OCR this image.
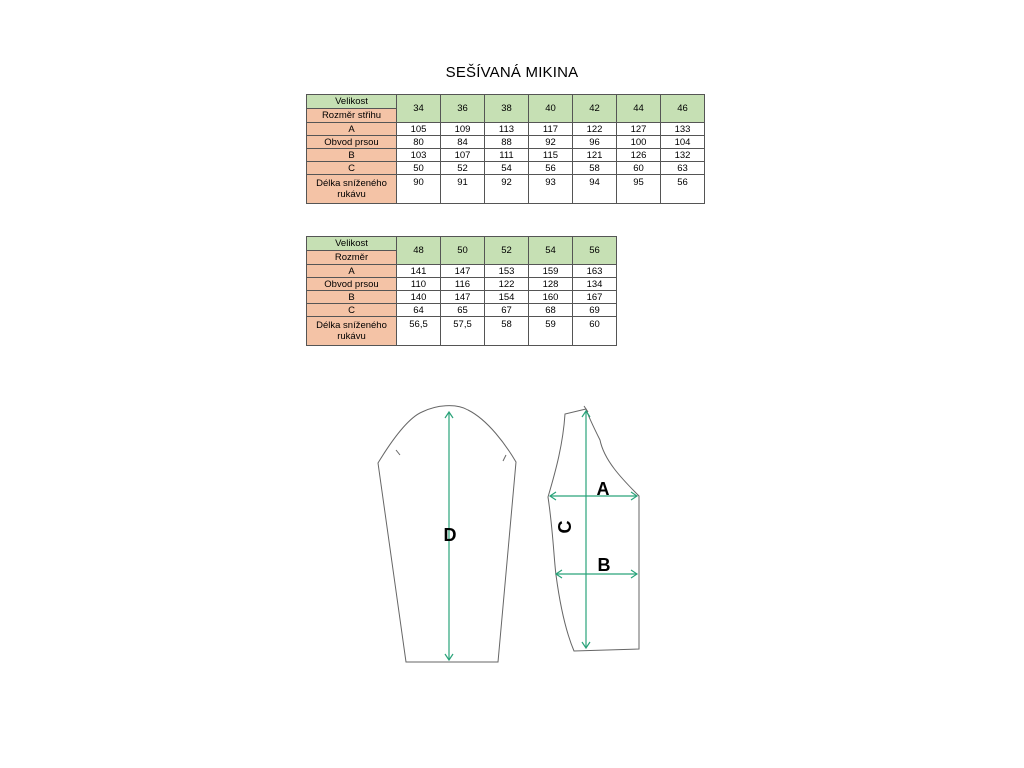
SEŠÍVANÁ MIKINA
Velikost	34	36	38	40	42	44	46
Rozměr střihu							
A	105	109	113	117	122	127	133
Obvod prsou	80	84	88	92	96	100	104
B	103	107	111	115	121	126	132
C	50	52	54	56	58	60	63
Délka sníženého rukávu	90	91	92	93	94	95	56
Velikost	48	50	52	54	56
Rozměr					
A	141	147	153	159	163
Obvod prsou	110	116	122	128	134
B	140	147	154	160	167
C	64	65	67	68	69
Délka sníženého rukávu	56,5	57,5	58	59	60
D
A
B
C
